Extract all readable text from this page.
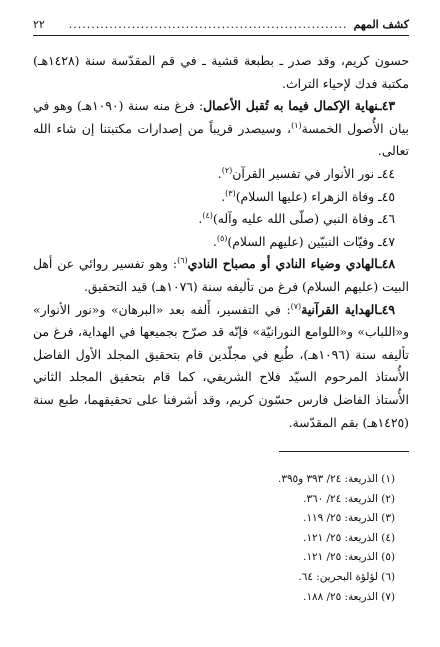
كشف المهم
..............................................................
٢٢

حسون كريم، وقد صدر ـ بطبعة قشية ـ في قم المقدّسة سنة (١٤٢٨هـ) مكتبة فدك لإحياء التراث.

٤٣ـنهاية الإكمال فيما به تُقبل الأعمال: فرغ منه سنة (١٠٩٠هـ) وهو في بيان الأُصول الخمسة$^{(١)}$، وسيصدر قريباً من إصدارات مكتبتنا إن شاء الله تعالى.

٤٤ـ نور الأنوار في تفسير القرآن$^{(٢)}$.

٤٥ـ وفاة الزهراء (عليها السلام)$^{(٣)}$.

٤٦ـ وفاة النبي (صلّى الله عليه وآله)$^{(٤)}$.

٤٧ـ وفيّات النبيّين (عليهم السلام)$^{(٥)}$.

٤٨ـالهادي وضياء النادي أو مصباح النادي$^{(٦)}$: وهو تفسير روائي عن أهل البيت (عليهم السلام) فرغ من تأليفه سنة (١٠٧٦هـ) قيد التحقيق.

٤٩ـالهداية القرآنية$^{(٧)}$: في التفسير، أَلفه بعد «البرهان» و«نور الأنوار» و«اللباب» و«اللوامع النورانيّة» فإنّه قد صرّح بجميعها في الهداية، فرغ من تأليفه سنة (١٠٩٦هـ)، طُبع في مجلّدين قام بتحقيق المجلد الأول الفاضل الأُستاذ المرحوم السيّد فلاح الشريفي، كما قام بتحقيق المجلد الثاني الأُستاذ الفاضل فارس حسّون كريم، وقد أشرفنا على تحقيقهما، طبع سنة (١٤٢٥هـ) بقم المقدّسة.

(١) الذريعة: ٢٤/ ٣٩٣ و٣٩٥.
(٢) الذريعة: ٢٤/ ٣٦٠.
(٣) الذريعة: ٢٥/ ١١٩.
(٤) الذريعة: ٢٥/ ١٢١.
(٥) الذريعة: ٢٥/ ١٢١.
(٦) لؤلؤة البحرين: ٦٤.
(٧) الذريعة: ٢٥/ ١٨٨.
